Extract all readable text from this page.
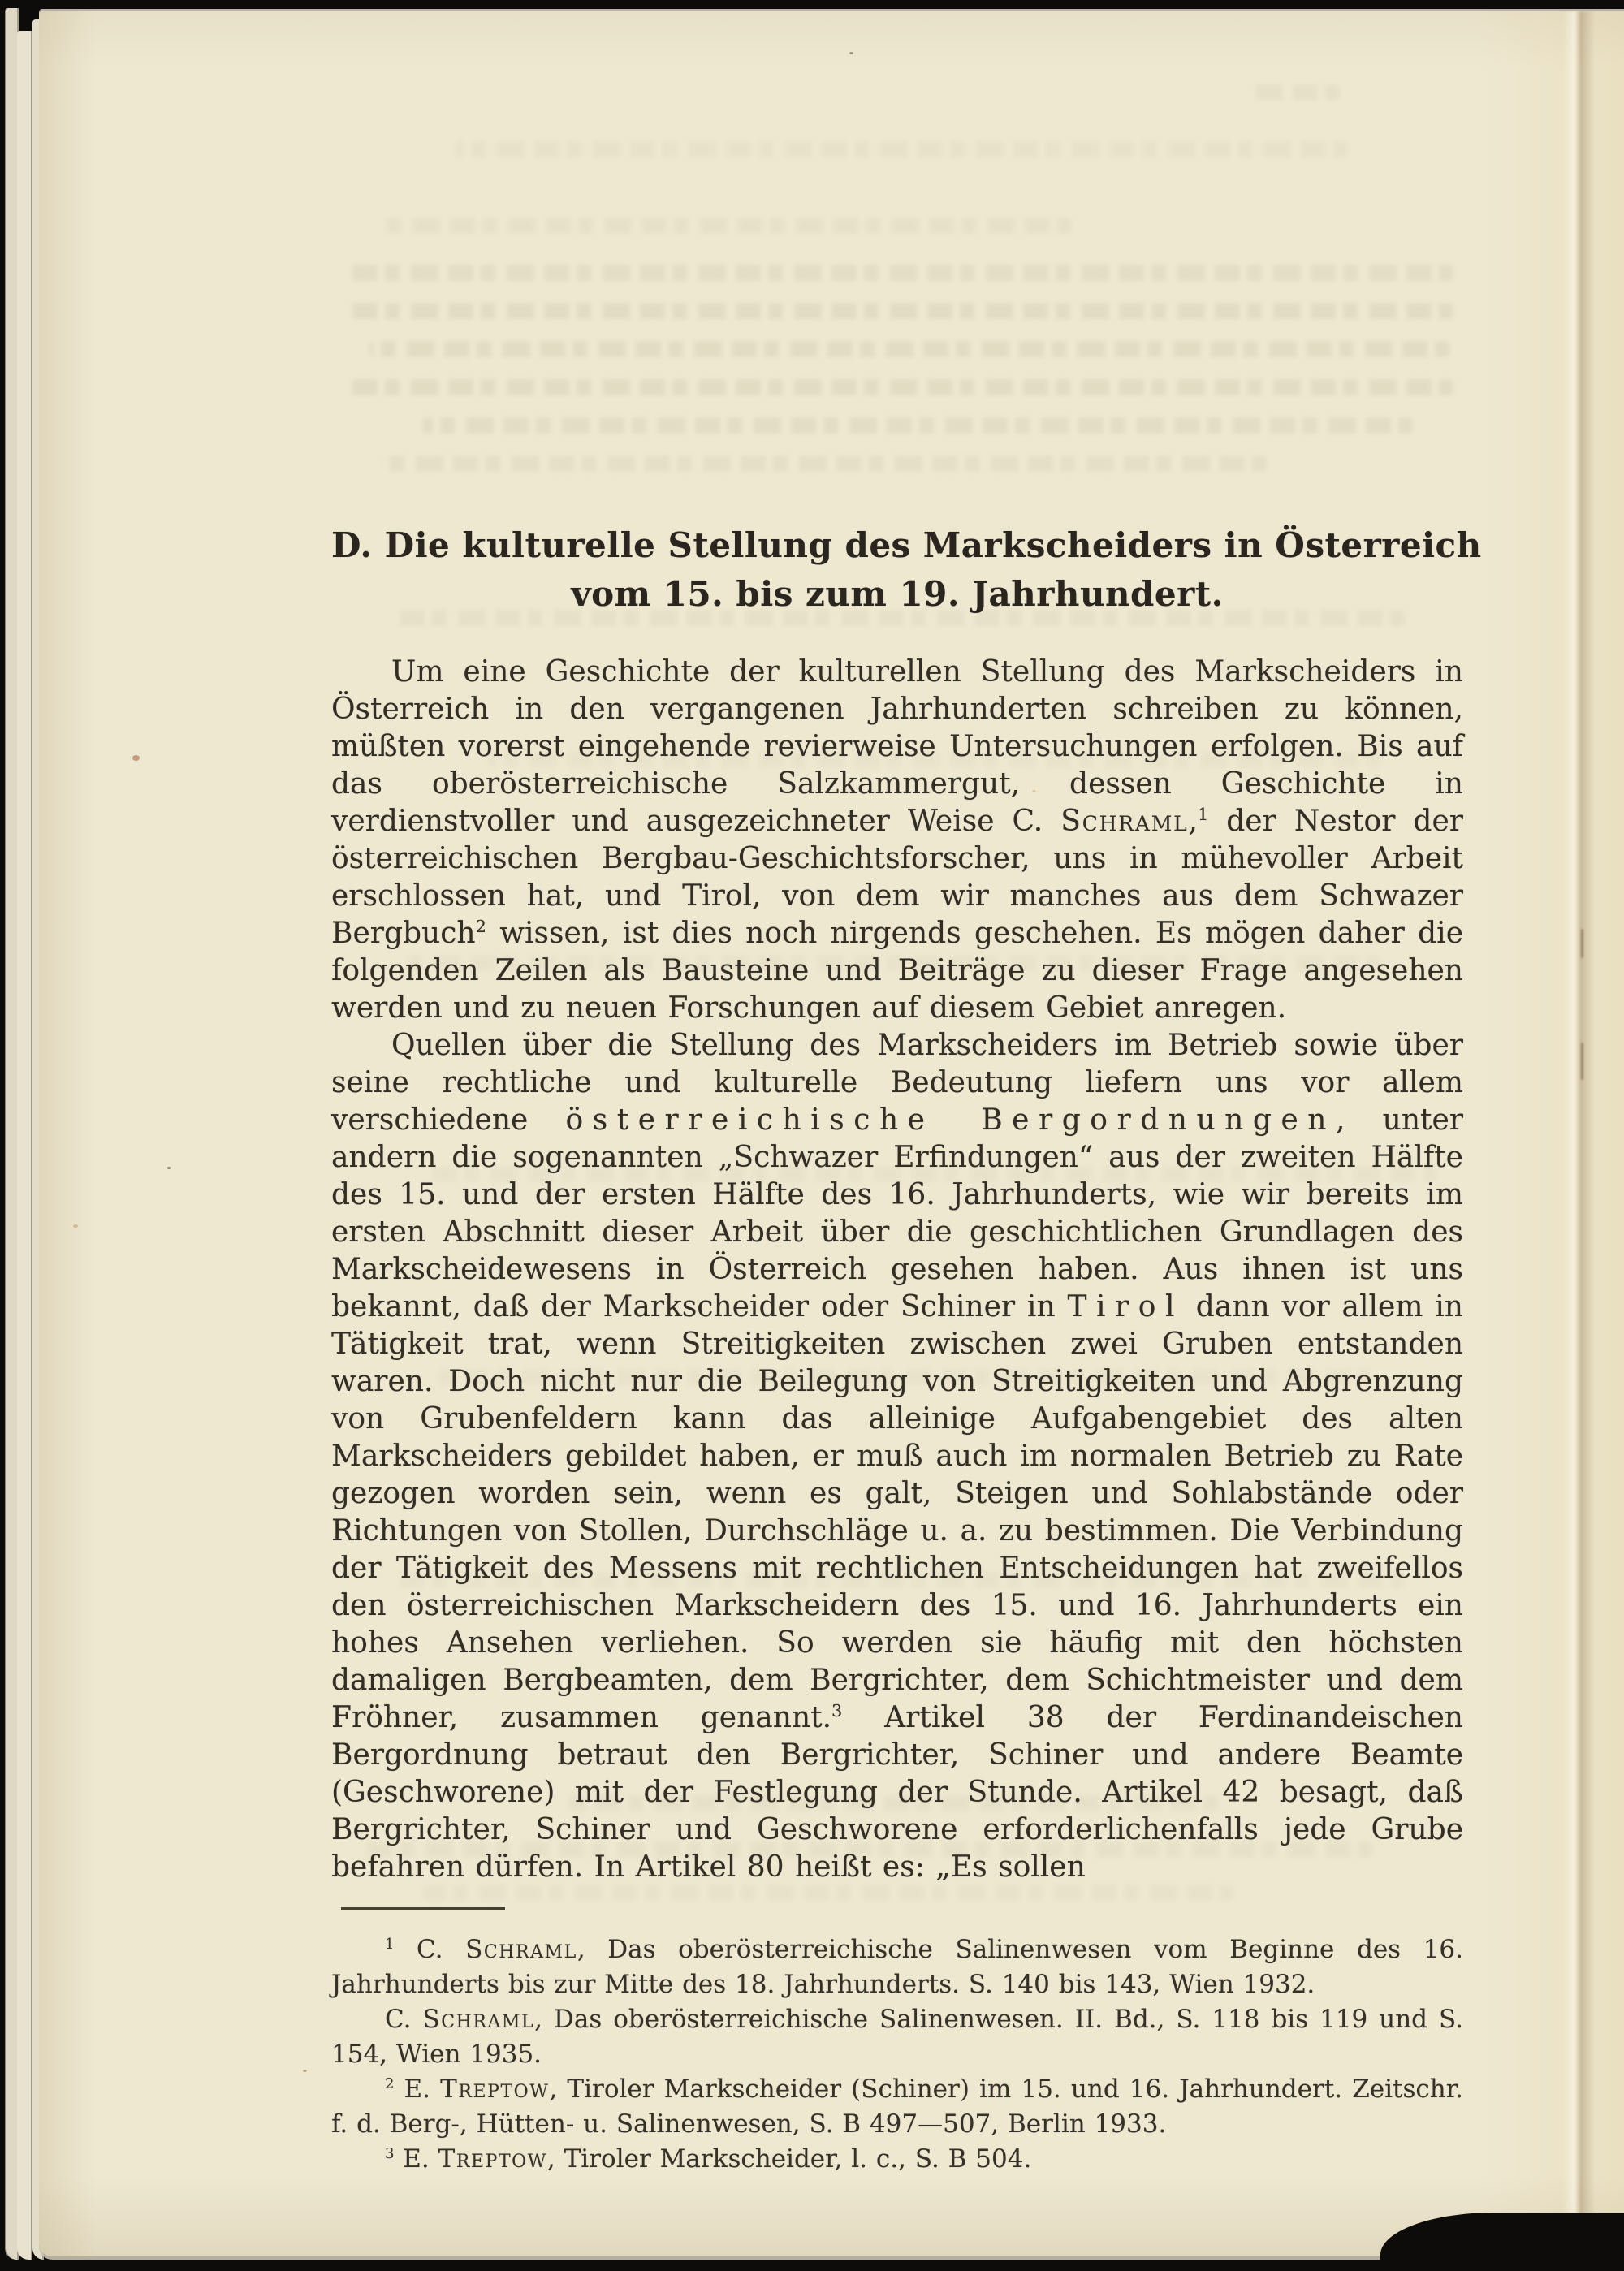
D. Die kulturelle Stellung des Markscheiders in Österreich
vom 15. bis zum 19. Jahrhundert.

Um eine Geschichte der kulturellen Stellung des Markscheiders in Österreich in den vergangenen Jahrhunderten schreiben zu können, müßten vorerst eingehende revierweise Untersuchungen erfolgen. Bis auf das oberösterreichische Salzkammergut, dessen Geschichte in verdienstvoller und ausgezeichneter Weise C. Schraml,$^1$ der Nestor der österreichischen Bergbau-Geschichtsforscher, uns in mühevoller Arbeit erschlossen hat, und Tirol, von dem wir manches aus dem Schwazer Bergbuch$^2$ wissen, ist dies noch nirgends geschehen. Es mögen daher die folgenden Zeilen als Bausteine und Beiträge zu dieser Frage angesehen werden und zu neuen Forschungen auf diesem Gebiet anregen.

Quellen über die Stellung des Markscheiders im Betrieb sowie über seine rechtliche und kulturelle Bedeutung liefern uns vor allem verschiedene österreichische Bergordnungen, unter andern die sogenannten „Schwazer Erfindungen“ aus der zweiten Hälfte des 15. und der ersten Hälfte des 16. Jahrhunderts, wie wir bereits im ersten Abschnitt dieser Arbeit über die geschichtlichen Grundlagen des Markscheidewesens in Österreich gesehen haben. Aus ihnen ist uns bekannt, daß der Markscheider oder Schiner in Tirol dann vor allem in Tätigkeit trat, wenn Streitigkeiten zwischen zwei Gruben entstanden waren. Doch nicht nur die Beilegung von Streitigkeiten und Abgrenzung von Grubenfeldern kann das alleinige Aufgabengebiet des alten Markscheiders gebildet haben, er muß auch im normalen Betrieb zu Rate gezogen worden sein, wenn es galt, Steigen und Sohlabstände oder Richtungen von Stollen, Durchschläge u. a. zu bestimmen. Die Verbindung der Tätigkeit des Messens mit rechtlichen Entscheidungen hat zweifellos den österreichischen Markscheidern des 15. und 16. Jahrhunderts ein hohes Ansehen verliehen. So werden sie häufig mit den höchsten damaligen Bergbeamten, dem Bergrichter, dem Schichtmeister und dem Fröhner, zusammen genannt.$^3$ Artikel 38 der Ferdinandeischen Bergordnung betraut den Bergrichter, Schiner und andere Beamte (Geschworene) mit der Festlegung der Stunde. Artikel 42 besagt, daß Bergrichter, Schiner und Geschworene erforderlichenfalls jede Grube befahren dürfen. In Artikel 80 heißt es: „Es sollen

$^1$ C. Schraml, Das oberösterreichische Salinenwesen vom Beginne des 16. Jahrhunderts bis zur Mitte des 18. Jahrhunderts. S. 140 bis 143, Wien 1932.

C. Schraml, Das oberösterreichische Salinenwesen. II. Bd., S. 118 bis 119 und S. 154, Wien 1935.

$^2$ E. Treptow, Tiroler Markscheider (Schiner) im 15. und 16. Jahrhundert. Zeitschr. f. d. Berg-, Hütten- u. Salinenwesen, S. B 497—507, Berlin 1933.

$^3$ E. Treptow, Tiroler Markscheider, l. c., S. B 504.
